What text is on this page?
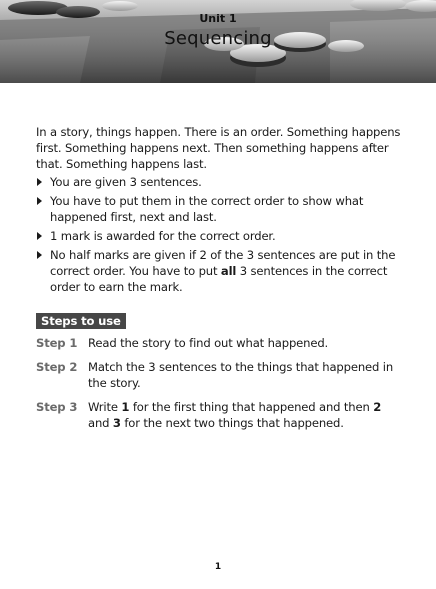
Unit 1
Sequencing

In a story, things happen. There is an order. Something happens first. Something happens next. Then something happens after that. Something happens last.

You are given 3 sentences.
You have to put them in the correct order to show what happened first, next and last.
1 mark is awarded for the correct order.
No half marks are given if 2 of the 3 sentences are put in the correct order. You have to put all 3 sentences in the correct order to earn the mark.
Steps to use
Step 1 Read the story to find out what happened.
Step 2 Match the 3 sentences to the things that happened in the story.
Step 3 Write 1 for the first thing that happened and then 2 and 3 for the next two things that happened.
1
